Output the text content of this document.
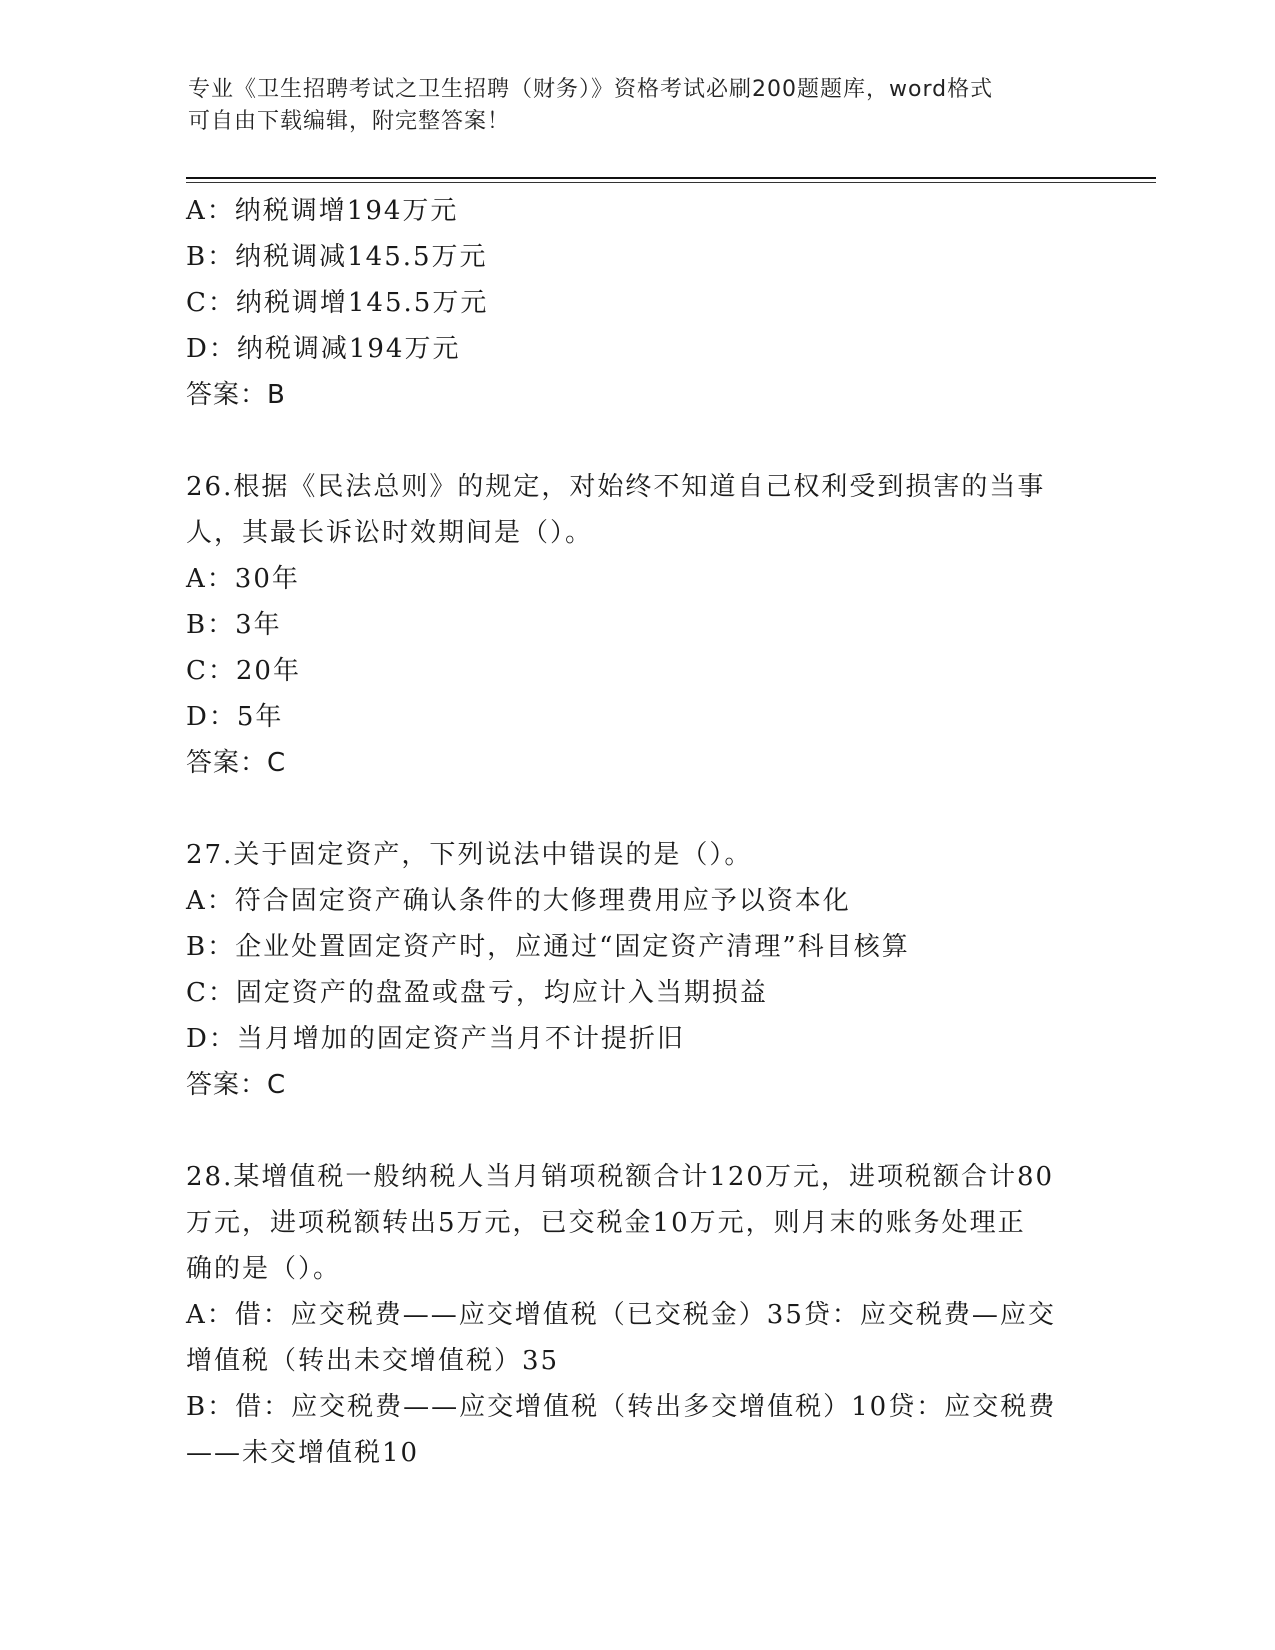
专业《卫生招聘考试之卫生招聘（财务）》资格考试必刷200题题库，word格式
可自由下载编辑，附完整答案！
A：纳税调增194万元
B：纳税调减145.5万元
C：纳税调增145.5万元
D：纳税调减194万元
答案：B
26.根据《民法总则》的规定，对始终不知道自己权利受到损害的当事
人，其最长诉讼时效期间是（）。
A：30年
B：3年
C：20年
D：5年
答案：C
27.关于固定资产，下列说法中错误的是（）。
A：符合固定资产确认条件的大修理费用应予以资本化
B：企业处置固定资产时，应通过“固定资产清理”科目核算
C：固定资产的盘盈或盘亏，均应计入当期损益
D：当月增加的固定资产当月不计提折旧
答案：C
28.某增值税一般纳税人当月销项税额合计120万元，进项税额合计80
万元，进项税额转出5万元，已交税金10万元，则月末的账务处理正
确的是（）。
A：借：应交税费——应交增值税（已交税金）35贷：应交税费—应交
增值税（转出未交增值税）35
B：借：应交税费——应交增值税（转出多交增值税）10贷：应交税费
——未交增值税10
